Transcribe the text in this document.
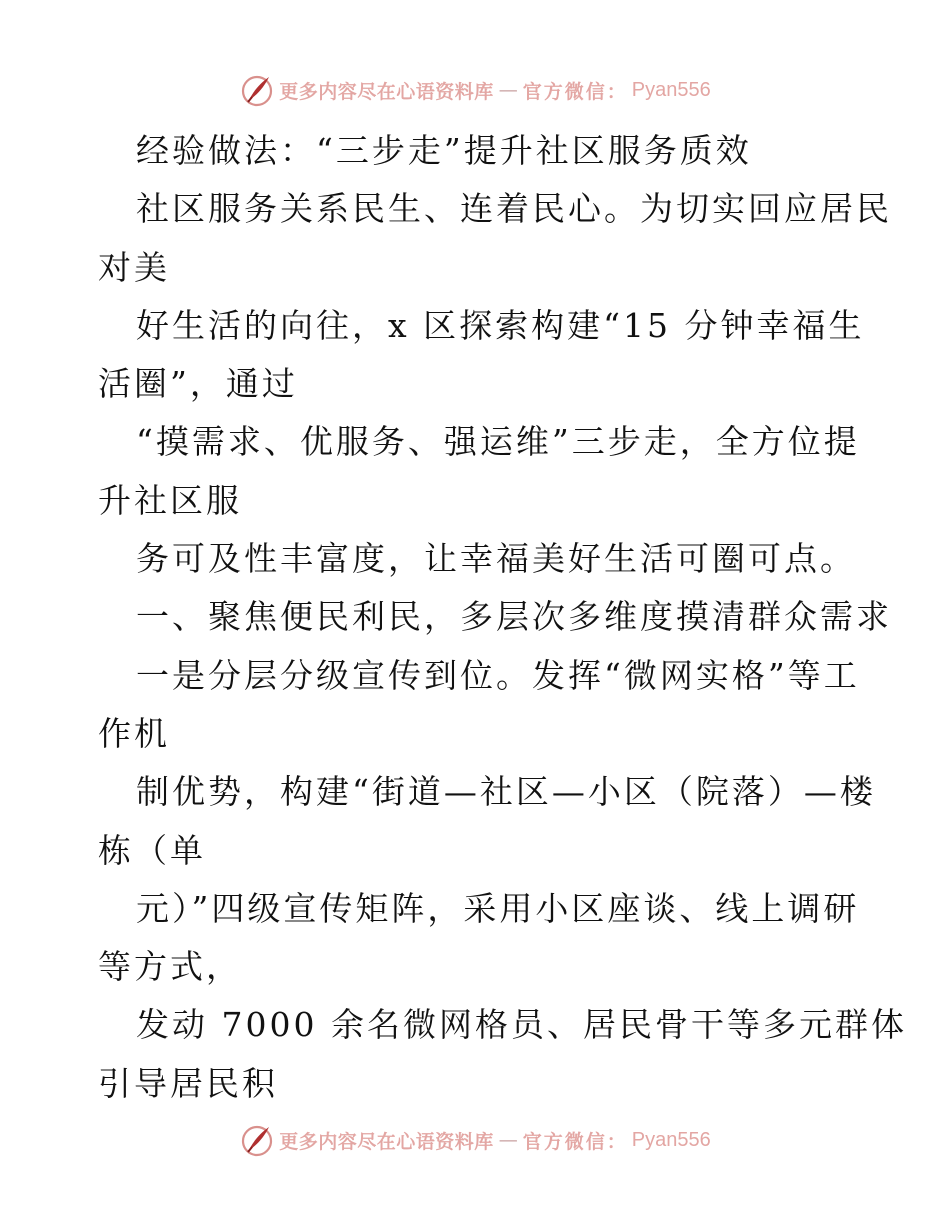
更多内容尽在心语资料库 — 官方微信： Pyan556
经验做法：“三步走”提升社区服务质效
社区服务关系民生、连着民心。为切实回应居民
对美
好生活的向往，x 区探索构建“15 分钟幸福生
活圈”，通过
“摸需求、优服务、强运维”三步走，全方位提
升社区服
务可及性丰富度，让幸福美好生活可圈可点。
一、聚焦便民利民，多层次多维度摸清群众需求
一是分层分级宣传到位。发挥“微网实格”等工
作机
制优势，构建“街道—社区—小区（院落）—楼
栋（单
元）”四级宣传矩阵，采用小区座谈、线上调研
等方式，
发动 7000 余名微网格员、居民骨干等多元群体
引导居民积
更多内容尽在心语资料库 — 官方微信： Pyan556
